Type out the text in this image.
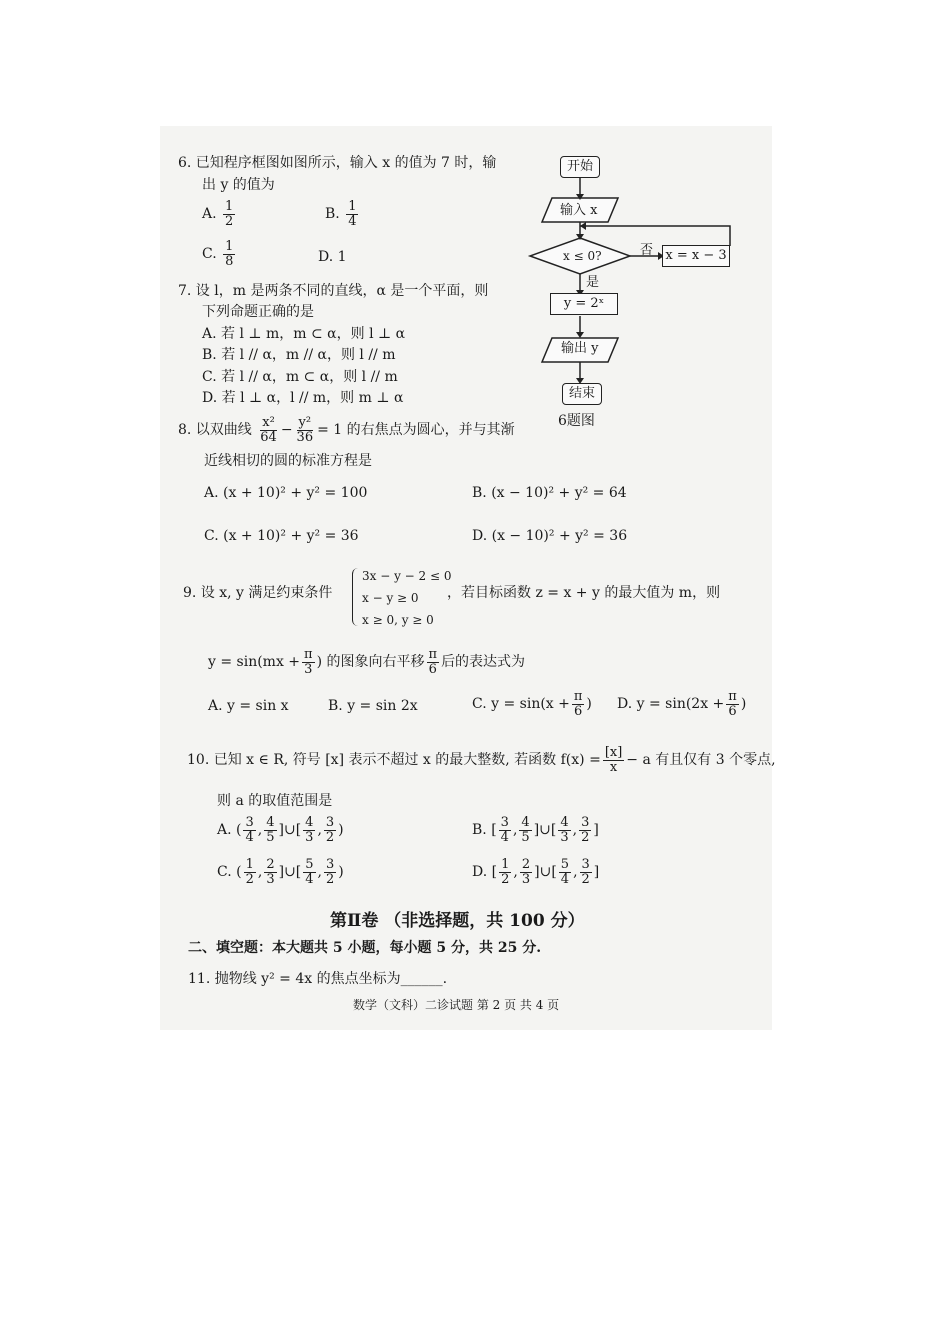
6. 已知程序框图如图所示，输入 x 的值为 7 时，输
出 y 的值为
A. $\frac{1}{2}$	B. $\frac{1}{4}$
C. $\frac{1}{8}$	D. 1
开始
输入 x
x ≤ 0?	否 x = x − 3
是
y = 2ˣ
输出 y
结束
6题图
7. 设 l，m 是两条不同的直线，α 是一个平面，则
下列命题正确的是
A. 若 l ⊥ m，m ⊂ α，则 l ⊥ α
B. 若 l // α，m // α，则 l // m
C. 若 l // α，m ⊂ α，则 l // m
D. 若 l ⊥ α，l // m，则 m ⊥ α
8. 以双曲线 $\frac{\text{x²}}{64} - \frac{\text{y²}}{36} = 1$ 的右焦点为圆心，并与其渐
近线相切的圆的标准方程是
A. (x + 10)² + y² = 100	B. (x − 10)² + y² = 64
C. (x + 10)² + y² = 36	D. (x − 10)² + y² = 36
9. 设 x, y 满足约束条件
3x − y − 2 ≤ 0
x − y ≥ 0
x ≥ 0, y ≥ 0
，若目标函数 z = x + y 的最大值为 m，则
$y = \sin(mx + \frac{\pi}{3}$ ) 的图象向右平移 $\frac{\pi}{6}$ 后的表达式为
A. y = sin x	B. y = sin 2x	C. $y = \sin(x + \frac{\pi}{6}$ ) D. $y = \sin(2x + \frac{\pi}{6}$ )
10. 已知 x ∈ R, 符号 [x] 表示不超过 x 的最大整数, 若函数 $f(x) = \frac{[x]}{x} - a$ 有且仅有 3 个零点,
则 a 的取值范围是
A. ( $\frac{3}{4}$ , $\frac{4}{5}$ ]∪[ $\frac{4}{3}$ , $\frac{3}{2}$ )	B. [ $\frac{3}{4}$ , $\frac{4}{5}$ ]∪[ $\frac{4}{3}$ , $\frac{3}{2}$ ]
C. ( $\frac{1}{2}$ , $\frac{2}{3}$ ]∪[ $\frac{5}{4}$ , $\frac{3}{2}$ )	D. [ $\frac{1}{2}$ , $\frac{2}{3}$ ]∪[ $\frac{5}{4}$ , $\frac{3}{2}$ ]
第Ⅱ卷 （非选择题，共 100 分）
二、填空题：本大题共 5 小题，每小题 5 分，共 25 分.
11. 抛物线 y² = 4x 的焦点坐标为______.
数学（文科）二诊试题 第 2 页 共 4 页
